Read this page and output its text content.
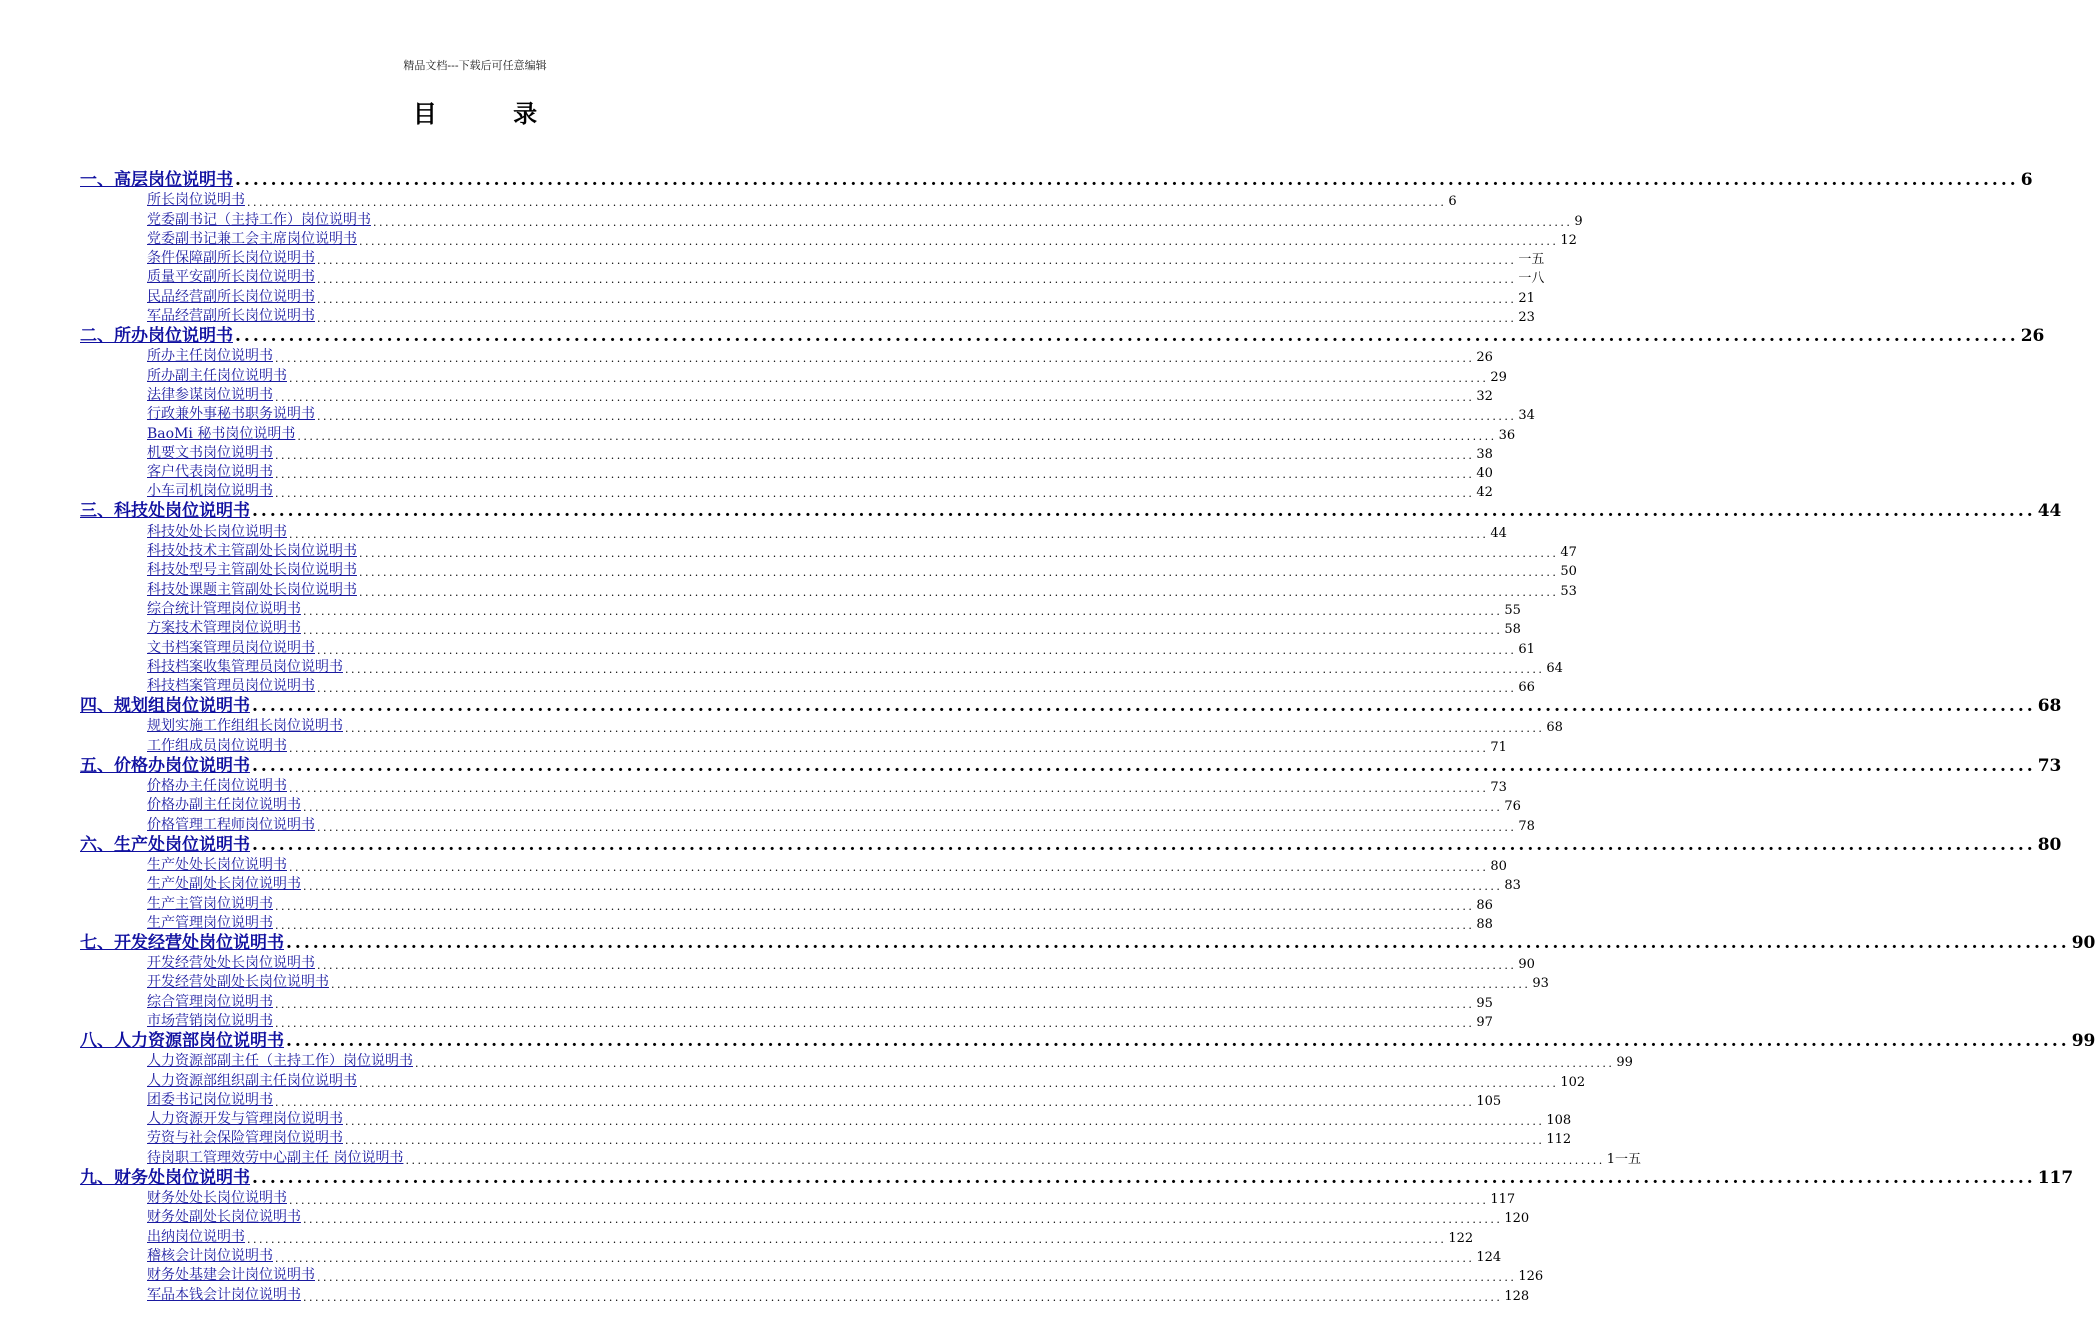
精品文档---下载后可任意编辑
目 录
一、高层岗位说明书 ........................................................................................................................................................................................................ 6
所长岗位说明书 ........................................................................................................................................................................................................ 6
党委副书记（主持工作）岗位说明书 ........................................................................................................................................................................................................ 9
党委副书记兼工会主席岗位说明书 ........................................................................................................................................................................................................ 12
条件保障副所长岗位说明书 ........................................................................................................................................................................................................ 一五
质量平安副所长岗位说明书 ........................................................................................................................................................................................................ 一八
民品经营副所长岗位说明书 ........................................................................................................................................................................................................ 21
军品经营副所长岗位说明书 ........................................................................................................................................................................................................ 23
二、所办岗位说明书 ........................................................................................................................................................................................................ 26
所办主任岗位说明书 ........................................................................................................................................................................................................ 26
所办副主任岗位说明书 ........................................................................................................................................................................................................ 29
法律参谋岗位说明书 ........................................................................................................................................................................................................ 32
行政兼外事秘书职务说明书 ........................................................................................................................................................................................................ 34
BaoMi 秘书岗位说明书 ........................................................................................................................................................................................................ 36
机要文书岗位说明书 ........................................................................................................................................................................................................ 38
客户代表岗位说明书 ........................................................................................................................................................................................................ 40
小车司机岗位说明书 ........................................................................................................................................................................................................ 42
三、科技处岗位说明书 ........................................................................................................................................................................................................ 44
科技处处长岗位说明书 ........................................................................................................................................................................................................ 44
科技处技术主管副处长岗位说明书 ........................................................................................................................................................................................................ 47
科技处型号主管副处长岗位说明书 ........................................................................................................................................................................................................ 50
科技处课题主管副处长岗位说明书 ........................................................................................................................................................................................................ 53
综合统计管理岗位说明书 ........................................................................................................................................................................................................ 55
方案技术管理岗位说明书 ........................................................................................................................................................................................................ 58
文书档案管理员岗位说明书 ........................................................................................................................................................................................................ 61
科技档案收集管理员岗位说明书 ........................................................................................................................................................................................................ 64
科技档案管理员岗位说明书 ........................................................................................................................................................................................................ 66
四、规划组岗位说明书 ........................................................................................................................................................................................................ 68
规划实施工作组组长岗位说明书 ........................................................................................................................................................................................................ 68
工作组成员岗位说明书 ........................................................................................................................................................................................................ 71
五、价格办岗位说明书 ........................................................................................................................................................................................................ 73
价格办主任岗位说明书 ........................................................................................................................................................................................................ 73
价格办副主任岗位说明书 ........................................................................................................................................................................................................ 76
价格管理工程师岗位说明书 ........................................................................................................................................................................................................ 78
六、生产处岗位说明书 ........................................................................................................................................................................................................ 80
生产处处长岗位说明书 ........................................................................................................................................................................................................ 80
生产处副处长岗位说明书 ........................................................................................................................................................................................................ 83
生产主管岗位说明书 ........................................................................................................................................................................................................ 86
生产管理岗位说明书 ........................................................................................................................................................................................................ 88
七、开发经营处岗位说明书 ........................................................................................................................................................................................................ 90
开发经营处处长岗位说明书 ........................................................................................................................................................................................................ 90
开发经营处副处长岗位说明书 ........................................................................................................................................................................................................ 93
综合管理岗位说明书 ........................................................................................................................................................................................................ 95
市场营销岗位说明书 ........................................................................................................................................................................................................ 97
八、人力资源部岗位说明书 ........................................................................................................................................................................................................ 99
人力资源部副主任（主持工作）岗位说明书 ........................................................................................................................................................................................................ 99
人力资源部组织副主任岗位说明书 ........................................................................................................................................................................................................ 102
团委书记岗位说明书 ........................................................................................................................................................................................................ 105
人力资源开发与管理岗位说明书 ........................................................................................................................................................................................................ 108
劳资与社会保险管理岗位说明书 ........................................................................................................................................................................................................ 112
待岗职工管理效劳中心副主任 岗位说明书 ........................................................................................................................................................................................................ 1一五
九、财务处岗位说明书 ........................................................................................................................................................................................................ 117
财务处处长岗位说明书 ........................................................................................................................................................................................................ 117
财务处副处长岗位说明书 ........................................................................................................................................................................................................ 120
出纳岗位说明书 ........................................................................................................................................................................................................ 122
稽核会计岗位说明书 ........................................................................................................................................................................................................ 124
财务处基建会计岗位说明书 ........................................................................................................................................................................................................ 126
军品本钱会计岗位说明书 ........................................................................................................................................................................................................ 128
